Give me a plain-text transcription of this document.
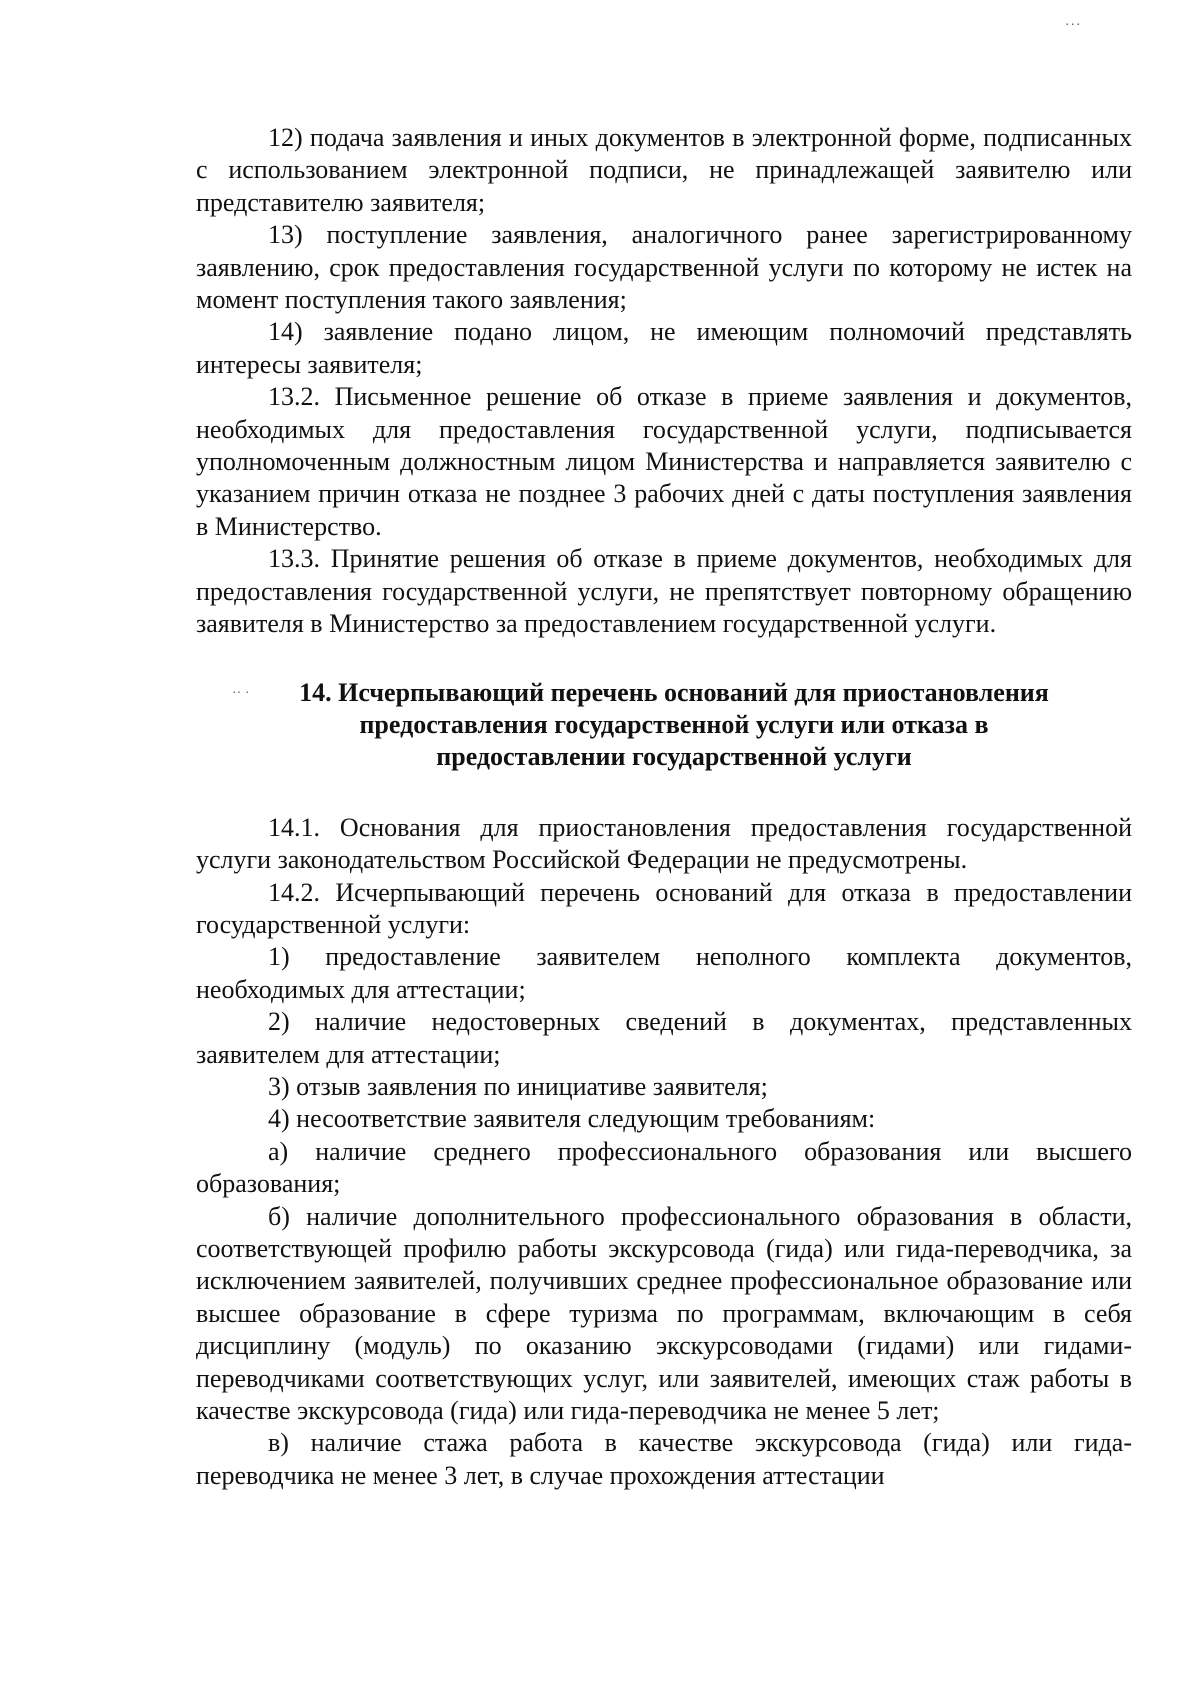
...
·· ·

12) подача заявления и иных документов в электронной форме, подписанных с использованием электронной подписи, не принадлежащей заявителю или представителю заявителя;

13) поступление заявления, аналогичного ранее зарегистрированному заявлению, срок предоставления государственной услуги по которому не истек на момент поступления такого заявления;

14) заявление подано лицом, не имеющим полномочий представлять интересы заявителя;

13.2. Письменное решение об отказе в приеме заявления и документов, необходимых для предоставления государственной услуги, подписывается уполномоченным должностным лицом Министерства и направляется заявителю с указанием причин отказа не позднее 3 рабочих дней с даты поступления заявления в Министерство.

13.3. Принятие решения об отказе в приеме документов, необходимых для предоставления государственной услуги, не препятствует повторному обращению заявителя в Министерство за предоставлением государственной услуги.

14. Исчерпывающий перечень оснований для приостановления
предоставления государственной услуги или отказа в
предоставлении государственной услуги

14.1. Основания для приостановления предоставления государственной услуги законодательством Российской Федерации не предусмотрены.

14.2. Исчерпывающий перечень оснований для отказа в предоставлении государственной услуги:

1) предоставление заявителем неполного комплекта документов, необходимых для аттестации;

2) наличие недостоверных сведений в документах, представленных заявителем для аттестации;

3) отзыв заявления по инициативе заявителя;

4) несоответствие заявителя следующим требованиям:

а) наличие среднего профессионального образования или высшего образования;

б) наличие дополнительного профессионального образования в области, соответствующей профилю работы экскурсовода (гида) или гида-переводчика, за исключением заявителей, получивших среднее профессиональное образование или высшее образование в сфере туризма по программам, включающим в себя дисциплину (модуль) по оказанию экскурсоводами (гидами) или гидами-переводчиками соответствующих услуг, или заявителей, имеющих стаж работы в качестве экскурсовода (гида) или гида-переводчика не менее 5 лет;

в) наличие стажа работа в качестве экскурсовода (гида) или гида-переводчика не менее 3 лет, в случае прохождения аттестации
